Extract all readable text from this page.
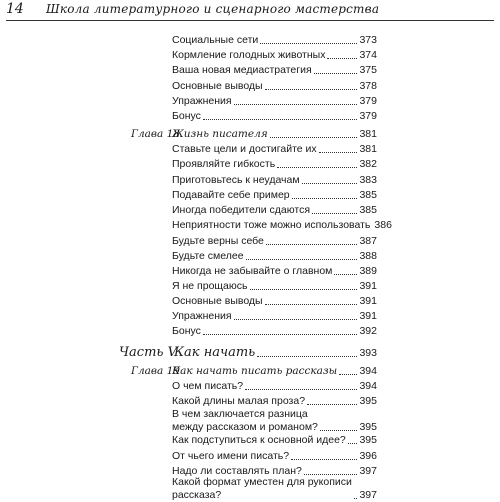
14 Школа литературного и сценарного мастерства
Социальные сети	373
Кормление голодных животных	374
Ваша новая медиастратегия	375
Основные выводы	378
Упражнения	379
Бонус	379
Глава 18
Жизнь писателя	381
Ставьте цели и достигайте их	381
Проявляйте гибкость	382
Приготовьтесь к неудачам	383
Подавайте себе пример	385
Иногда победители сдаются	385
Неприятности тоже можно использовать 386
Будьте верны себе	387
Будьте смелее	388
Никогда не забывайте о главном	389
Я не прощаюсь	391
Основные выводы	391
Упражнения	391
Бонус	392
Часть V
Как начать	393
Глава 19
Как начать писать рассказы 394
О чем писать?	394
Какой длины малая проза?	395
В чем заключается разница
между рассказом и романом?	395
Как подступиться к основной идее? 395
От чьего имени писать?	396
Надо ли составлять план?	397
Какой формат уместен для рукописи
рассказа?	397
